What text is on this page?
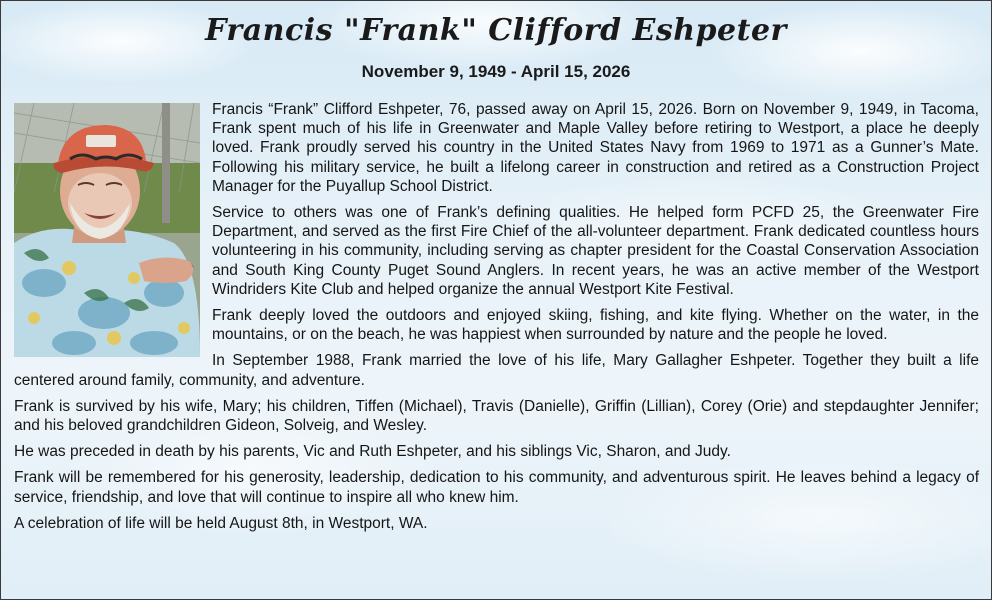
Francis "Frank" Clifford Eshpeter
November 9, 1949 - April 15, 2026

Francis “Frank” Clifford Eshpeter, 76, passed away on April 15, 2026. Born on November 9, 1949, in Tacoma, Frank spent much of his life in Greenwater and Maple Valley before retiring to Westport, a place he deeply loved. Frank proudly served his country in the United States Navy from 1969 to 1971 as a Gunner’s Mate. Following his military service, he built a lifelong career in construction and retired as a Construction Project Manager for the Puyallup School District.

Service to others was one of Frank’s defining qualities. He helped form PCFD 25, the Greenwater Fire Department, and served as the first Fire Chief of the all-volunteer department. Frank dedicated countless hours volunteering in his community, including serving as chapter president for the Coastal Conservation Association and South King County Puget Sound Anglers. In recent years, he was an active member of the Westport Windriders Kite Club and helped organize the annual Westport Kite Festival.

Frank deeply loved the outdoors and enjoyed skiing, fishing, and kite flying. Whether on the water, in the mountains, or on the beach, he was happiest when surrounded by nature and the people he loved.

In September 1988, Frank married the love of his life, Mary Gallagher Eshpeter. Together they built a life centered around family, community, and adventure.

Frank is survived by his wife, Mary; his children, Tiffen (Michael), Travis (Danielle), Griffin (Lillian), Corey (Orie) and stepdaughter Jennifer; and his beloved grandchildren Gideon, Solveig, and Wesley.

He was preceded in death by his parents, Vic and Ruth Eshpeter, and his siblings Vic, Sharon, and Judy.

Frank will be remembered for his generosity, leadership, dedication to his community, and adventurous spirit. He leaves behind a legacy of service, friendship, and love that will continue to inspire all who knew him.

A celebration of life will be held August 8th, in Westport, WA.
